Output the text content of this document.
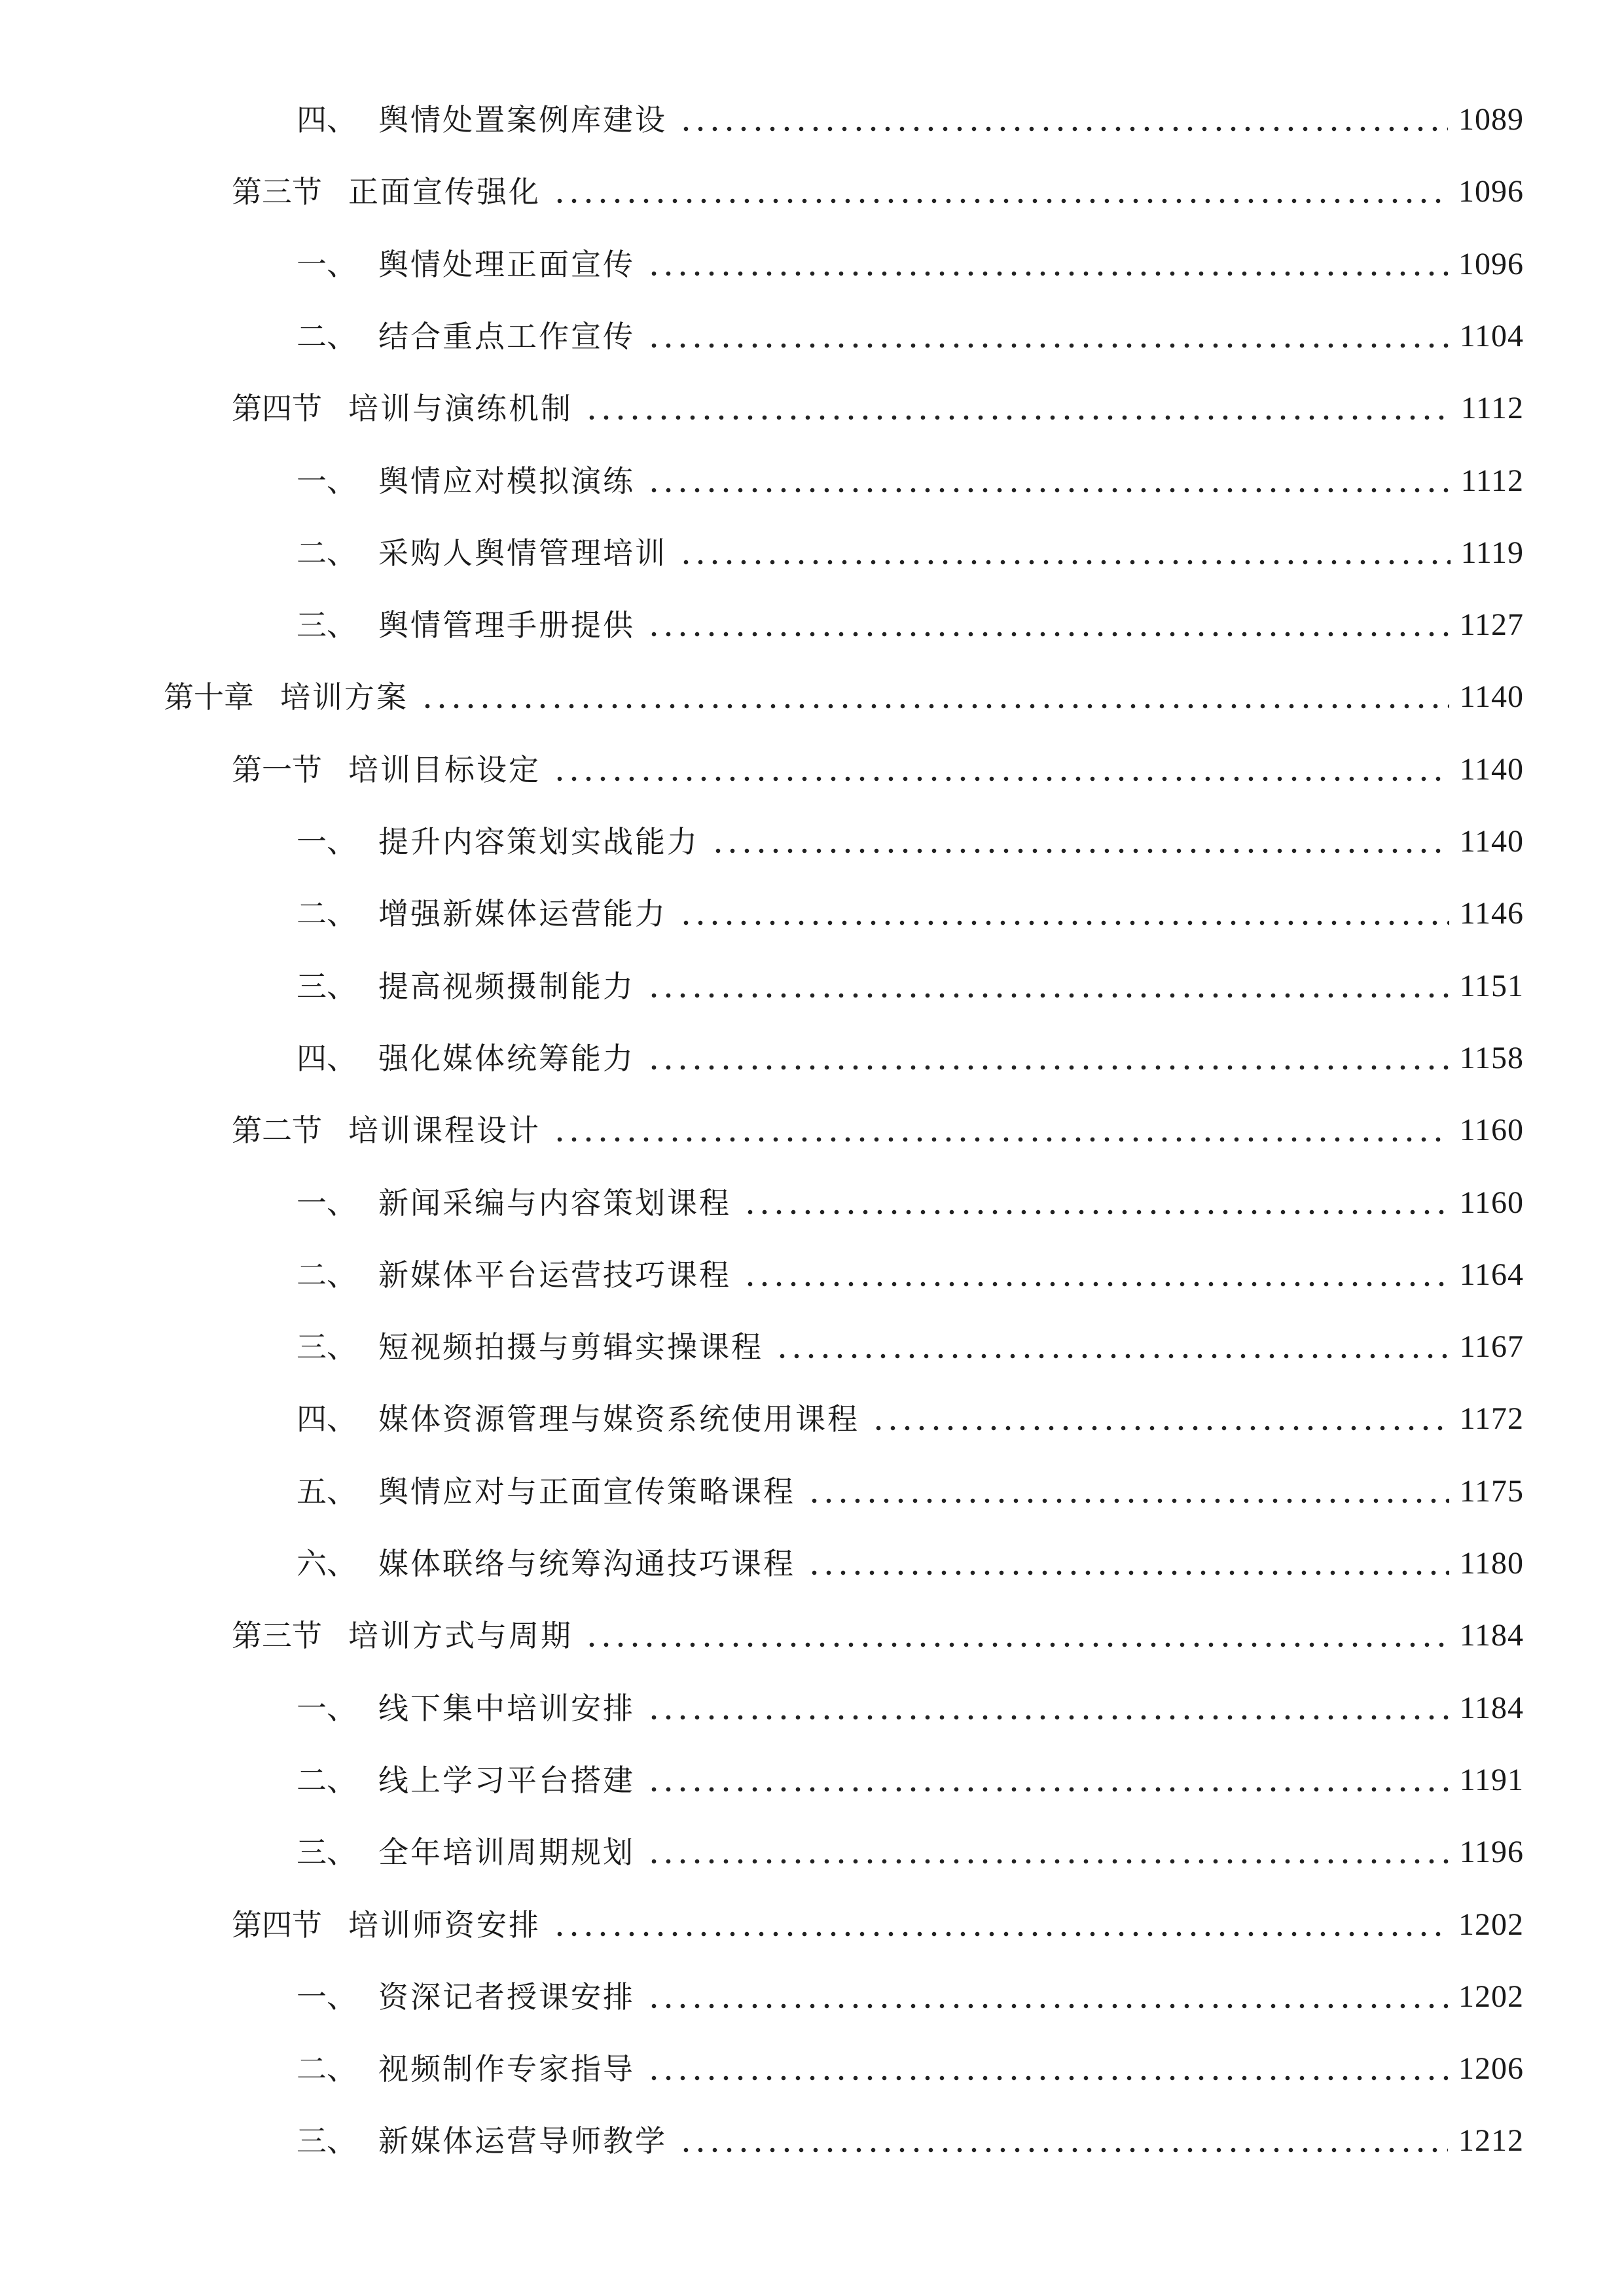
四、 舆情处置案例库建设	1089
第三节 正面宣传强化	1096
一、 舆情处理正面宣传	1096
二、 结合重点工作宣传	1104
第四节 培训与演练机制	1112
一、 舆情应对模拟演练	1112
二、 采购人舆情管理培训	1119
三、 舆情管理手册提供	1127
第十章 培训方案	1140
第一节 培训目标设定	1140
一、 提升内容策划实战能力	1140
二、 增强新媒体运营能力	1146
三、 提高视频摄制能力	1151
四、 强化媒体统筹能力	1158
第二节 培训课程设计	1160
一、 新闻采编与内容策划课程	1160
二、 新媒体平台运营技巧课程	1164
三、 短视频拍摄与剪辑实操课程	1167
四、 媒体资源管理与媒资系统使用课程	1172
五、 舆情应对与正面宣传策略课程	1175
六、 媒体联络与统筹沟通技巧课程	1180
第三节 培训方式与周期	1184
一、 线下集中培训安排	1184
二、 线上学习平台搭建	1191
三、 全年培训周期规划	1196
第四节 培训师资安排	1202
一、 资深记者授课安排	1202
二、 视频制作专家指导	1206
三、 新媒体运营导师教学	1212
